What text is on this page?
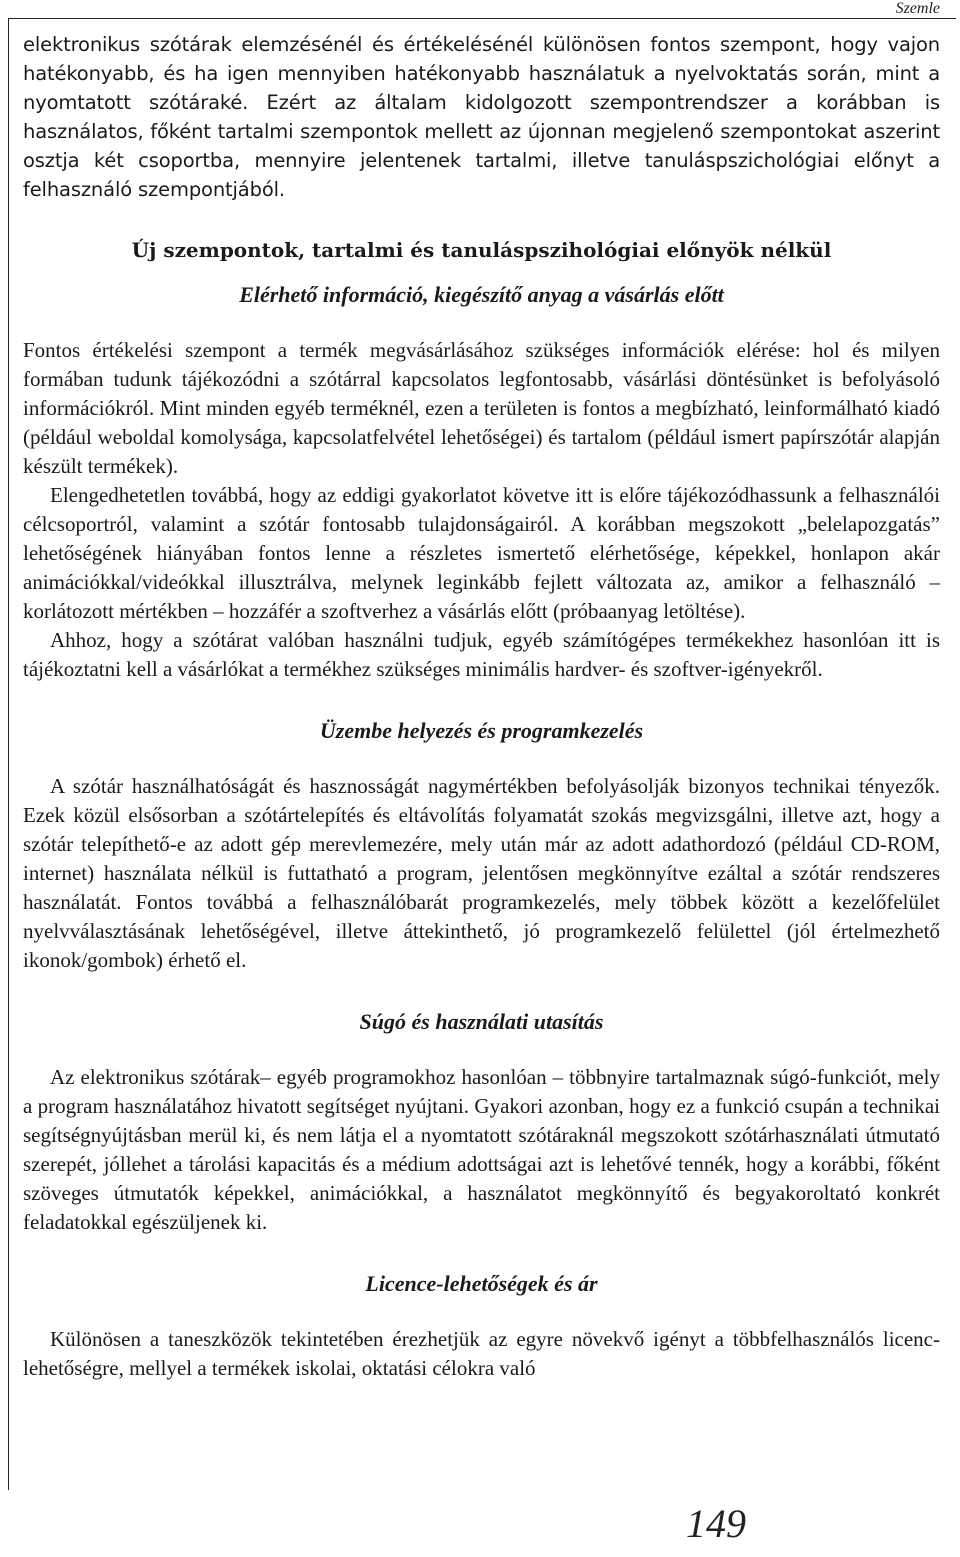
Szemle

elektronikus szótárak elemzésénél és értékelésénél különösen fontos szempont, hogy vajon hatékonyabb, és ha igen mennyiben hatékonyabb használatuk a nyelvoktatás során, mint a nyomtatott szótáraké. Ezért az általam kidolgozott szempontrendszer a korábban is használatos, főként tartalmi szempontok mellett az újonnan megjelenő szempontokat aszerint osztja két csoportba, mennyire jelentenek tartalmi, illetve tanuláspszichológiai előnyt a felhasználó szempontjából.

Új szempontok, tartalmi és tanuláspszihológiai előnyök nélkül
Elérhető információ, kiegészítő anyag a vásárlás előtt

Fontos értékelési szempont a termék megvásárlásához szükséges információk elérése: hol és milyen formában tudunk tájékozódni a szótárral kapcsolatos legfontosabb, vásárlási döntésünket is befolyásoló információkról. Mint minden egyéb terméknél, ezen a területen is fontos a megbízható, leinformálható kiadó (például weboldal komolysága, kapcsolatfelvétel lehetőségei) és tartalom (például ismert papírszótár alapján készült termékek).

Elengedhetetlen továbbá, hogy az eddigi gyakorlatot követve itt is előre tájékozódhassunk a felhasználói célcsoportról, valamint a szótár fontosabb tulajdonságairól. A korábban megszokott „belelapozgatás” lehetőségének hiányában fontos lenne a részletes ismertető elérhetősége, képekkel, honlapon akár animációkkal/videókkal illusztrálva, melynek leginkább fejlett változata az, amikor a felhasználó – korlátozott mértékben – hozzáfér a szoftverhez a vásárlás előtt (próbaanyag letöltése).

Ahhoz, hogy a szótárat valóban használni tudjuk, egyéb számítógépes termékekhez hasonlóan itt is tájékoztatni kell a vásárlókat a termékhez szükséges minimális hardver- és szoftver-igényekről.

Üzembe helyezés és programkezelés

A szótár használhatóságát és hasznosságát nagymértékben befolyásolják bizonyos technikai tényezők. Ezek közül elsősorban a szótártelepítés és eltávolítás folyamatát szokás megvizsgálni, illetve azt, hogy a szótár telepíthető-e az adott gép merevlemezére, mely után már az adott adathordozó (például CD-ROM, internet) használata nélkül is futtatható a program, jelentősen megkönnyítve ezáltal a szótár rendszeres használatát. Fontos továbbá a felhasználóbarát programkezelés, mely többek között a kezelőfelület nyelvválasztásának lehetőségével, illetve áttekinthető, jó programkezelő felülettel (jól értelmezhető ikonok/gombok) érhető el.

Súgó és használati utasítás

Az elektronikus szótárak– egyéb programokhoz hasonlóan – többnyire tartalmaznak súgó-funkciót, mely a program használatához hivatott segítséget nyújtani. Gyakori azonban, hogy ez a funkció csupán a technikai segítségnyújtásban merül ki, és nem látja el a nyomtatott szótáraknál megszokott szótárhasználati útmutató szerepét, jóllehet a tárolási kapacitás és a médium adottságai azt is lehetővé tennék, hogy a korábbi, főként szöveges útmutatók képekkel, animációkkal, a használatot megkönnyítő és begyakoroltató konkrét feladatokkal egészüljenek ki.

Licence-lehetőségek és ár

Különösen a taneszközök tekintetében érezhetjük az egyre növekvő igényt a többfelhasználós licenc-lehetőségre, mellyel a termékek iskolai, oktatási célokra való

149
